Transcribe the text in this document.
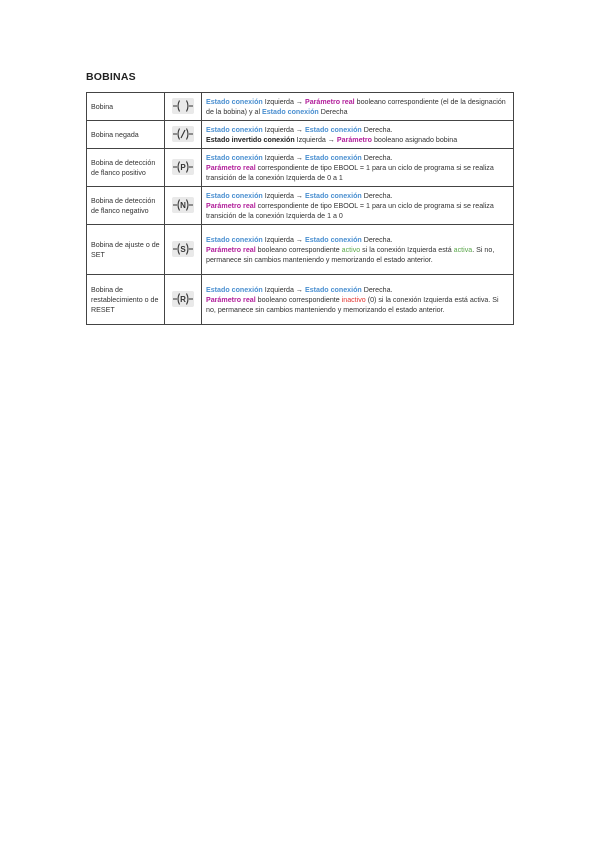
BOBINAS
Bobina		Estado conexión Izquierda → Parámetro real booleano correspondiente (el de la designación de la bobina) y al Estado conexión Derecha
Bobina negada		Estado conexión Izquierda → Estado conexión Derecha.
Estado invertido conexión Izquierda → Parámetro booleano asignado bobina

Bobina de detección de flanco positivo	P	Estado conexión Izquierda → Estado conexión Derecha.
Parámetro real correspondiente de tipo EBOOL = 1 para un ciclo de programa si se realiza transición de la conexión Izquierda de 0 a 1

Bobina de detección de flanco negativo	N	Estado conexión Izquierda → Estado conexión Derecha.
Parámetro real correspondiente de tipo EBOOL = 1 para un ciclo de programa si se realiza transición de la conexión Izquierda de 1 a 0

Bobina de ajuste o de SET	S	Estado conexión Izquierda → Estado conexión Derecha.
Parámetro real booleano correspondiente activo si la conexión Izquierda está activa. Si no, permanece sin cambios manteniendo y memorizando el estado anterior.

Bobina de restablecimiento o de RESET	R	Estado conexión Izquierda → Estado conexión Derecha.
Parámetro real booleano correspondiente inactivo (0) si la conexión Izquierda está activa. Si no, permanece sin cambios manteniendo y memorizando el estado anterior.
